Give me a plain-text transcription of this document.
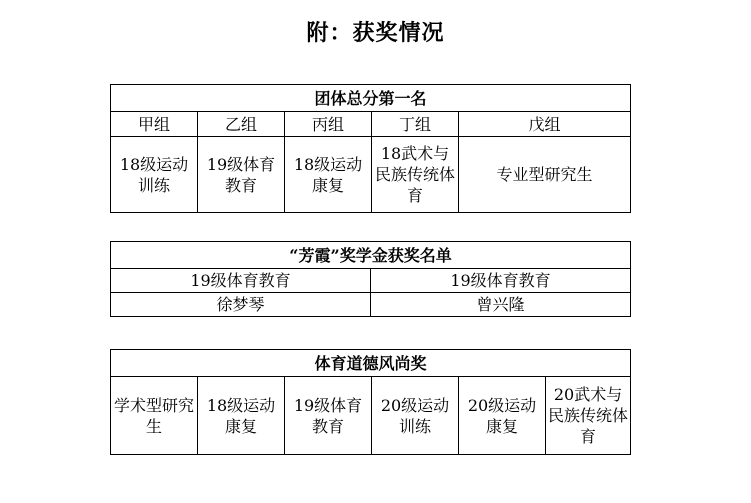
附：获奖情况
团体总分第一名				
甲组	乙组	丙组	丁组	戊组
18级运动训练	19级体育教育	18级运动康复	18武术与民族传统体育	专业型研究生
“芳霞”奖学金获奖名单	
19级体育教育	19级体育教育
徐梦琴	曾兴隆
体育道德风尚奖
学术型研究生	18级运动康复	19级体育教育	20级运动训练	20级运动康复	20武术与民族传统体育
